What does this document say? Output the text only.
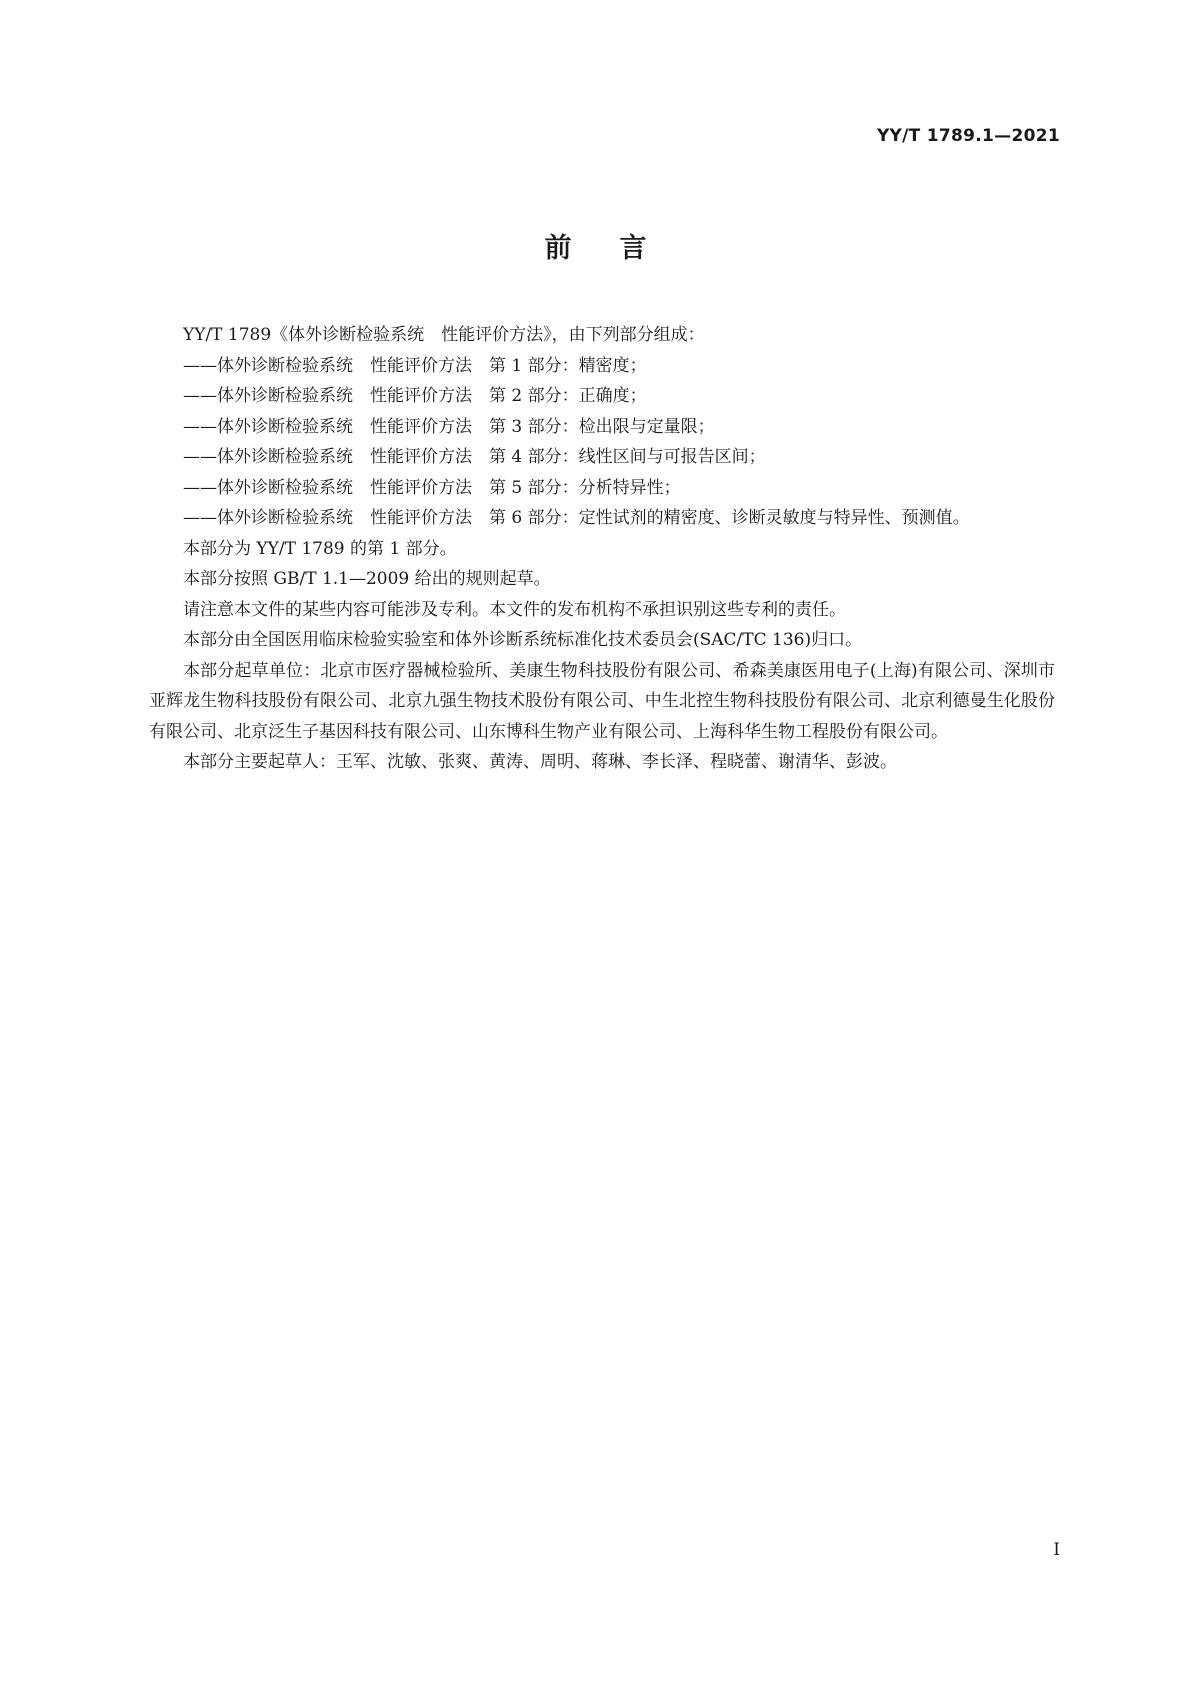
YY/T 1789.1—2021
前言

YY/T 1789《体外诊断检验系统　性能评价方法》，由下列部分组成：

——体外诊断检验系统　性能评价方法　第 1 部分：精密度；

——体外诊断检验系统　性能评价方法　第 2 部分：正确度；

——体外诊断检验系统　性能评价方法　第 3 部分：检出限与定量限；

——体外诊断检验系统　性能评价方法　第 4 部分：线性区间与可报告区间；

——体外诊断检验系统　性能评价方法　第 5 部分：分析特异性；

——体外诊断检验系统　性能评价方法　第 6 部分：定性试剂的精密度、诊断灵敏度与特异性、预测值。

本部分为 YY/T 1789 的第 1 部分。

本部分按照 GB/T 1.1—2009 给出的规则起草。

请注意本文件的某些内容可能涉及专利。本文件的发布机构不承担识别这些专利的责任。

本部分由全国医用临床检验实验室和体外诊断系统标准化技术委员会(SAC/TC 136)归口。

本部分起草单位：北京市医疗器械检验所、美康生物科技股份有限公司、希森美康医用电子(上海)有限公司、深圳市亚辉龙生物科技股份有限公司、北京九强生物技术股份有限公司、中生北控生物科技股份有限公司、北京利德曼生化股份有限公司、北京泛生子基因科技有限公司、山东博科生物产业有限公司、上海科华生物工程股份有限公司。

本部分主要起草人：王军、沈敏、张爽、黄涛、周明、蒋琳、李长泽、程晓蕾、谢清华、彭波。

I
